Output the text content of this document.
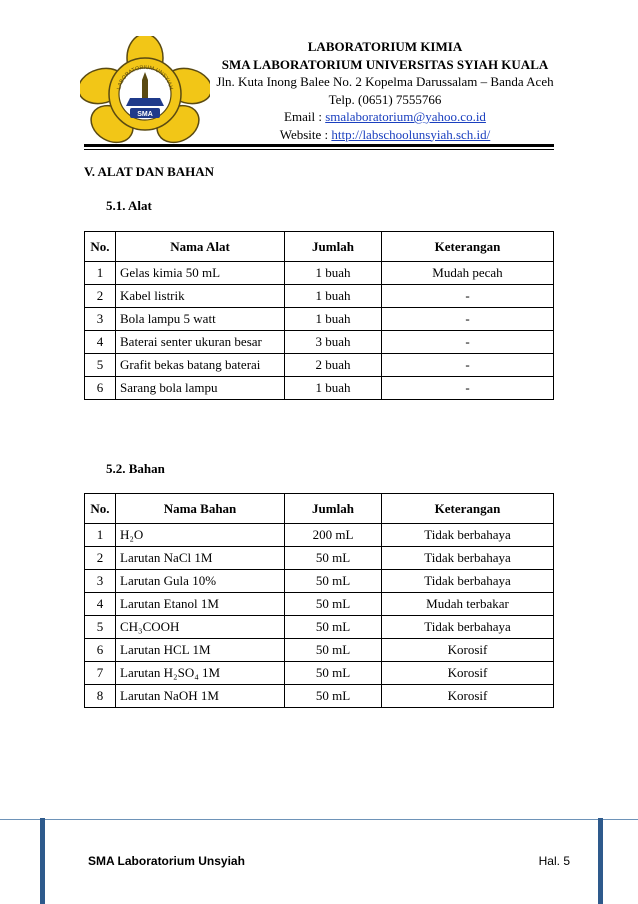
SMA
LABORATORIUM UNSYIAH
LABORATORIUM KIMIA
SMA LABORATORIUM UNIVERSITAS SYIAH KUALA
Jln. Kuta Inong Balee No. 2 Kopelma Darussalam – Banda Aceh
Telp. (0651) 7555766
Email : smalaboratorium@yahoo.co.id
Website : http://labschoolunsyiah.sch.id/
V. ALAT DAN BAHAN
5.1. Alat
No.	Nama Alat	Jumlah	Keterangan
1	Gelas kimia 50 mL	1 buah	Mudah pecah
2	Kabel listrik	1 buah	-
3	Bola lampu 5 watt	1 buah	-
4	Baterai senter ukuran besar	3 buah	-
5	Grafit bekas batang baterai	2 buah	-
6	Sarang bola lampu	1 buah	-
5.2. Bahan
No.	Nama Bahan	Jumlah	Keterangan
1	H₂O	200 mL	Tidak berbahaya
2	Larutan NaCl 1M	50 mL	Tidak berbahaya
3	Larutan Gula 10%	50 mL	Tidak berbahaya
4	Larutan Etanol 1M	50 mL	Mudah terbakar
5	CH₃COOH	50 mL	Tidak berbahaya
6	Larutan HCL 1M	50 mL	Korosif
7	Larutan H₂SO₄ 1M	50 mL	Korosif
8	Larutan NaOH 1M	50 mL	Korosif
SMA Laboratorium Unsyiah	Hal. 5
